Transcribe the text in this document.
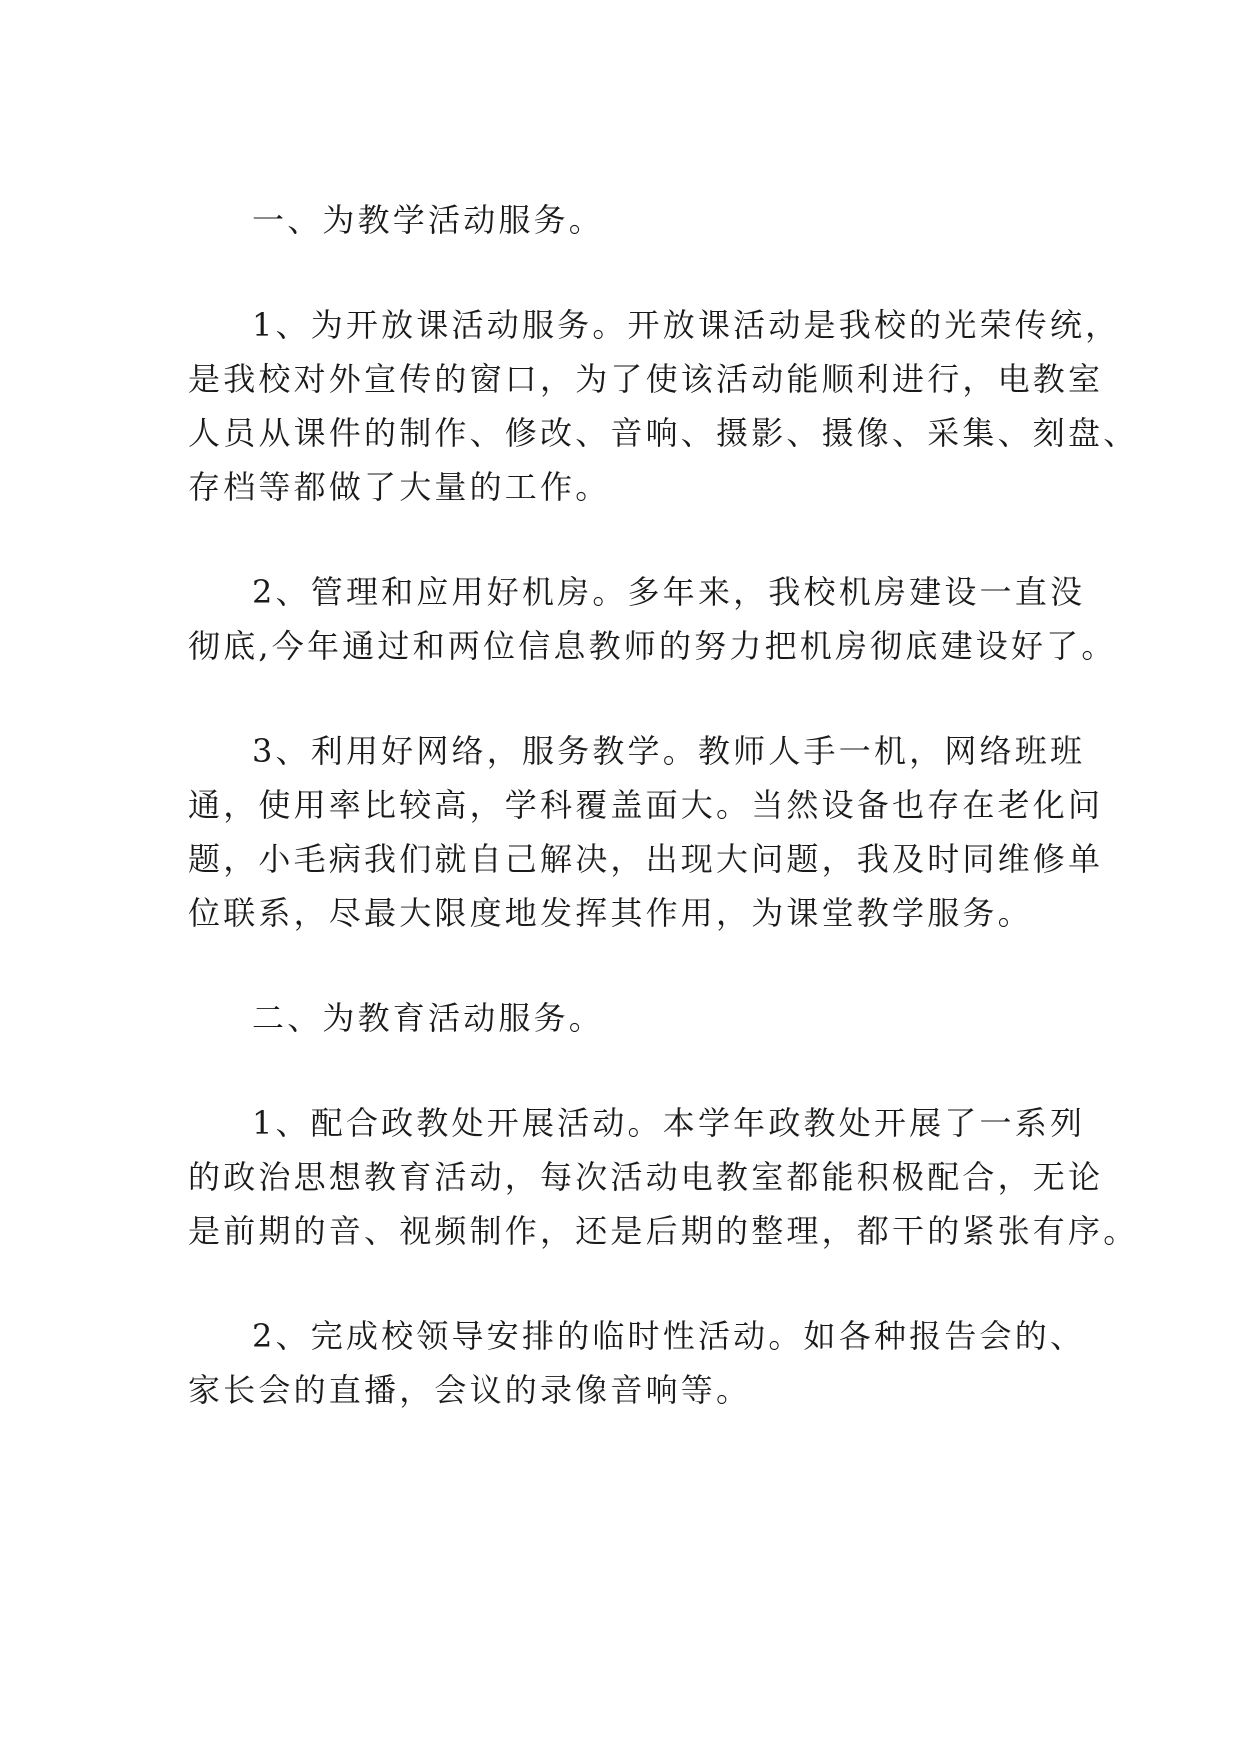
一、为教学活动服务。
1、为开放课活动服务。开放课活动是我校的光荣传统，
是我校对外宣传的窗口，为了使该活动能顺利进行，电教室
人员从课件的制作、修改、音响、摄影、摄像、采集、刻盘、
存档等都做了大量的工作。
2、管理和应用好机房。多年来，我校机房建设一直没
彻底,今年通过和两位信息教师的努力把机房彻底建设好了。
3、利用好网络，服务教学。教师人手一机，网络班班
通，使用率比较高，学科覆盖面大。当然设备也存在老化问
题，小毛病我们就自己解决，出现大问题，我及时同维修单
位联系，尽最大限度地发挥其作用，为课堂教学服务。
二、为教育活动服务。
1、配合政教处开展活动。本学年政教处开展了一系列
的政治思想教育活动，每次活动电教室都能积极配合，无论
是前期的音、视频制作，还是后期的整理，都干的紧张有序。
2、完成校领导安排的临时性活动。如各种报告会的、
家长会的直播，会议的录像音响等。
